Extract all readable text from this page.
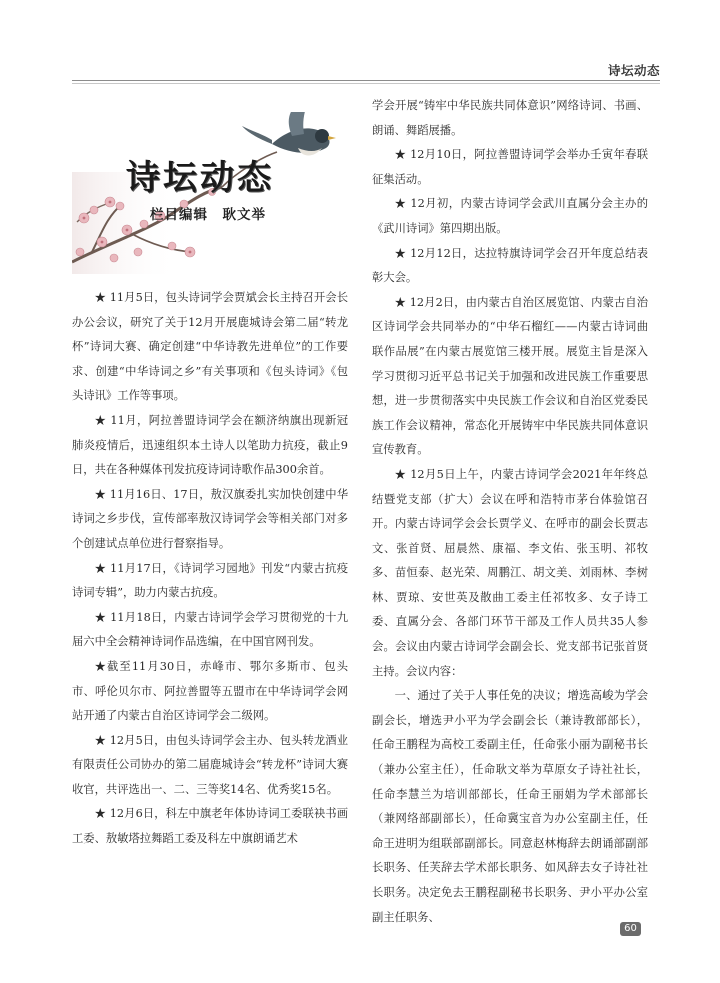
诗坛动态
诗坛动态
栏目编辑　耿文举

★ 11月5日，包头诗词学会贾斌会长主持召开会长办公会议，研究了关于12月开展鹿城诗会第二届“转龙杯”诗词大赛、确定创建“中华诗教先进单位”的工作要求、创建“中华诗词之乡”有关事项和《包头诗词》《包头诗讯》工作等事项。

★ 11月，阿拉善盟诗词学会在额济纳旗出现新冠肺炎疫情后，迅速组织本土诗人以笔助力抗疫，截止9日，共在各种媒体刊发抗疫诗词诗歌作品300余首。

★ 11月16日、17日，敖汉旗委扎实加快创建中华诗词之乡步伐，宣传部率敖汉诗词学会等相关部门对多个创建试点单位进行督察指导。

★ 11月17日，《诗词学习园地》刊发“内蒙古抗疫诗词专辑”，助力内蒙古抗疫。

★ 11月18日，内蒙古诗词学会学习贯彻党的十九届六中全会精神诗词作品选编，在中国官网刊发。

★截至11月30日，赤峰市、鄂尔多斯市、包头市、呼伦贝尔市、阿拉善盟等五盟市在中华诗词学会网站开通了内蒙古自治区诗词学会二级网。

★ 12月5日，由包头诗词学会主办、包头转龙酒业有限责任公司协办的第二届鹿城诗会“转龙杯”诗词大赛收官，共评选出一、二、三等奖14名、优秀奖15名。

★ 12月6日，科左中旗老年体协诗词工委联袂书画工委、敖敏塔拉舞蹈工委及科左中旗朗诵艺术

学会开展“铸牢中华民族共同体意识”网络诗词、书画、朗诵、舞蹈展播。

★ 12月10日，阿拉善盟诗词学会举办壬寅年春联征集活动。

★ 12月初，内蒙古诗词学会武川直属分会主办的《武川诗词》第四期出版。

★ 12月12日，达拉特旗诗词学会召开年度总结表彰大会。

★ 12月2日，由内蒙古自治区展览馆、内蒙古自治区诗词学会共同举办的“中华石榴红——内蒙古诗词曲联作品展”在内蒙古展览馆三楼开展。展览主旨是深入学习贯彻习近平总书记关于加强和改进民族工作重要思想，进一步贯彻落实中央民族工作会议和自治区党委民族工作会议精神，常态化开展铸牢中华民族共同体意识宣传教育。

★ 12月5日上午，内蒙古诗词学会2021年年终总结暨党支部（扩大）会议在呼和浩特市茅台体验馆召开。内蒙古诗词学会会长贾学义、在呼市的副会长贾志文、张首贤、屈晨然、康福、李文佑、张玉明、祁牧多、苗恒泰、赵光荣、周鹏江、胡文美、刘雨林、李树林、贾琼、安世英及散曲工委主任祁牧多、女子诗工委、直属分会、各部门环节干部及工作人员共35人参会。会议由内蒙古诗词学会副会长、党支部书记张首贤主持。会议内容：

一、通过了关于人事任免的决议；增选高峻为学会副会长，增选尹小平为学会副会长（兼诗教部部长），任命王鹏程为高校工委副主任，任命张小丽为副秘书长（兼办公室主任），任命耿文举为草原女子诗社社长，任命李慧兰为培训部部长，任命王丽娟为学术部部长（兼网络部副部长），任命冀宝音为办公室副主任，任命王进明为组联部副部长。同意赵林梅辞去朗诵部副部长职务、任芙辞去学术部长职务、如风辞去女子诗社社长职务。决定免去王鹏程副秘书长职务、尹小平办公室副主任职务、

60
